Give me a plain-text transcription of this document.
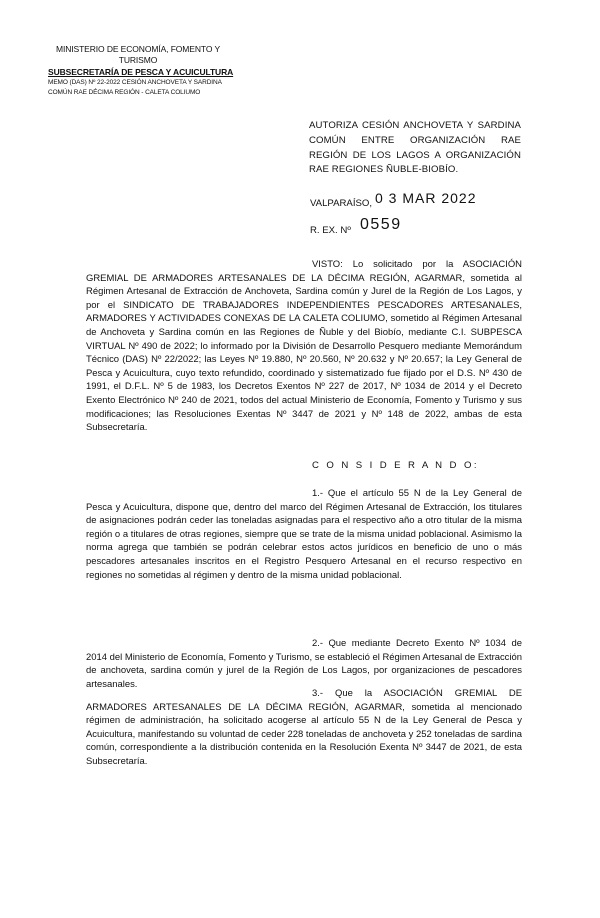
MINISTERIO DE ECONOMÍA, FOMENTO Y
TURISMO
SUBSECRETARÍA DE PESCA Y ACUICULTURA
MEMO (DAS) Nº 22-2022 CESIÓN ANCHOVETA Y SARDINA
COMÚN RAE DÉCIMA REGIÓN - CALETA COLIUMO
AUTORIZA CESIÓN ANCHOVETA Y SARDINA COMÚN ENTRE ORGANIZACIÓN RAE REGIÓN DE LOS LAGOS A ORGANIZACIÓN RAE REGIONES ÑUBLE-BIOBÍO.
VALPARAÍSO, 0 3 MAR 2022
R. EX. Nº 0559
VISTO: Lo solicitado por la ASOCIACIÓN GREMIAL DE ARMADORES ARTESANALES DE LA DÉCIMA REGIÓN, AGARMAR, sometida al Régimen Artesanal de Extracción de Anchoveta, Sardina común y Jurel de la Región de Los Lagos, y por el SINDICATO DE TRABAJADORES INDEPENDIENTES PESCADORES ARTESANALES, ARMADORES Y ACTIVIDADES CONEXAS DE LA CALETA COLIUMO, sometido al Régimen Artesanal de Anchoveta y Sardina común en las Regiones de Ñuble y del Biobío, mediante C.I. SUBPESCA VIRTUAL Nº 490 de 2022; lo informado por la División de Desarrollo Pesquero mediante Memorándum Técnico (DAS) Nº 22/2022; las Leyes Nº 19.880, Nº 20.560, Nº 20.632 y Nº 20.657; la Ley General de Pesca y Acuicultura, cuyo texto refundido, coordinado y sistematizado fue fijado por el D.S. Nº 430 de 1991, el D.F.L. Nº 5 de 1983, los Decretos Exentos Nº 227 de 2017, Nº 1034 de 2014 y el Decreto Exento Electrónico Nº 240 de 2021, todos del actual Ministerio de Economía, Fomento y Turismo y sus modificaciones; las Resoluciones Exentas Nº 3447 de 2021 y Nº 148 de 2022, ambas de esta Subsecretaría.
C O N S I D E R A N D O:
1.- Que el artículo 55 N de la Ley General de Pesca y Acuicultura, dispone que, dentro del marco del Régimen Artesanal de Extracción, los titulares de asignaciones podrán ceder las toneladas asignadas para el respectivo año a otro titular de la misma región o a titulares de otras regiones, siempre que se trate de la misma unidad poblacional. Asimismo la norma agrega que también se podrán celebrar estos actos jurídicos en beneficio de uno o más pescadores artesanales inscritos en el Registro Pesquero Artesanal en el recurso respectivo en regiones no sometidas al régimen y dentro de la misma unidad poblacional.
2.- Que mediante Decreto Exento Nº 1034 de 2014 del Ministerio de Economía, Fomento y Turismo, se estableció el Régimen Artesanal de Extracción de anchoveta, sardina común y jurel de la Región de Los Lagos, por organizaciones de pescadores artesanales.
3.- Que la ASOCIACIÓN GREMIAL DE ARMADORES ARTESANALES DE LA DÉCIMA REGIÓN, AGARMAR, sometida al mencionado régimen de administración, ha solicitado acogerse al artículo 55 N de la Ley General de Pesca y Acuicultura, manifestando su voluntad de ceder 228 toneladas de anchoveta y 252 toneladas de sardina común, correspondiente a la distribución contenida en la Resolución Exenta Nº 3447 de 2021, de esta Subsecretaría.
